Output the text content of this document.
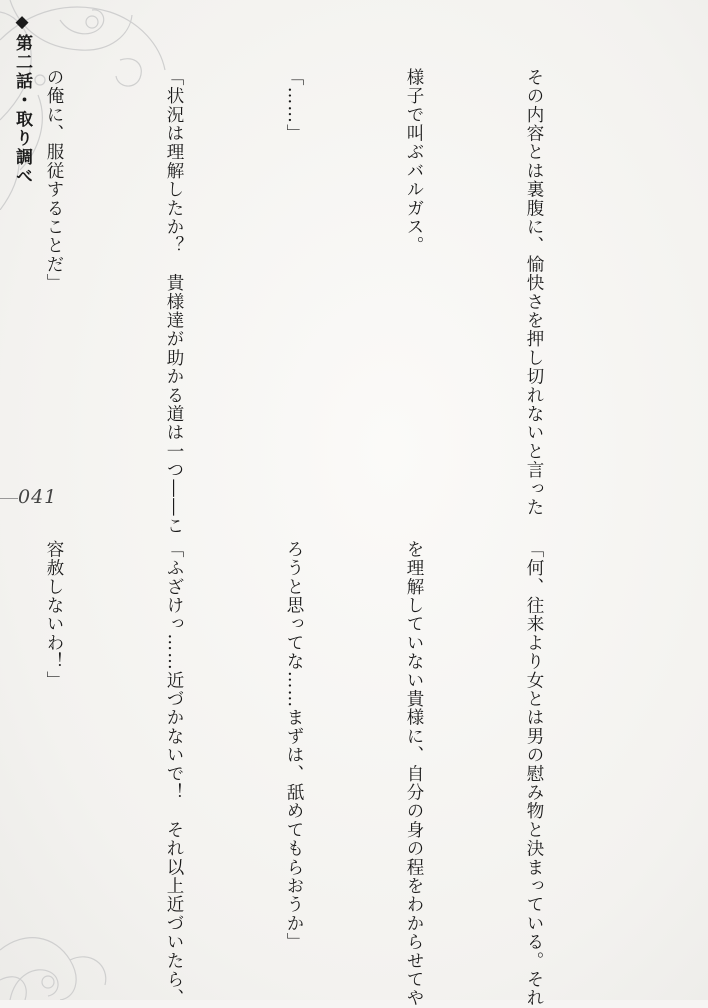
◆第二話・取り調べ
041

	その内容とは裏腹に、愉快さを押し切れないと言った

様子で叫ぶバルガス。

「……」

「状況は理解したか？　貴様達が助かる道は一つ――こ

の俺に、服従することだ」

「何、往来より女とは男の慰み物と決まっている。それ

を理解していない貴様に、自分の身の程をわからせてや

ろうと思ってな……まずは、舐めてもらおうか」

「ふざけっ……近づかないで！　それ以上近づいたら、

容赦しないわ！」
